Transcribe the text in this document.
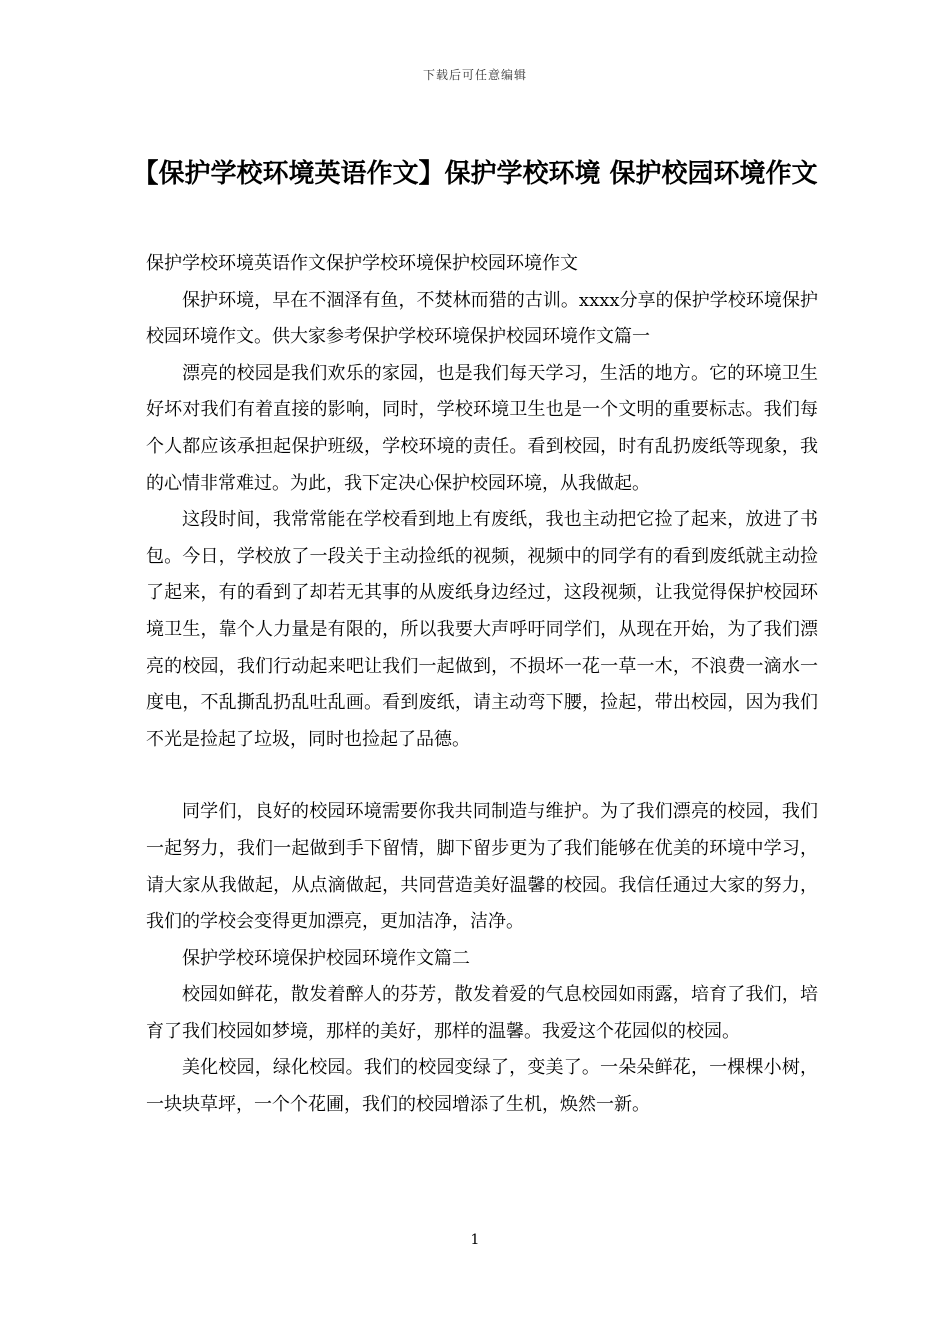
下载后可任意编辑
【保护学校环境英语作文】保护学校环境 保护校园环境作文

保护学校环境英语作文保护学校环境保护校园环境作文

保护环境，早在不涸泽有鱼，不焚林而猎的古训。xxxx分享的保护学校环境保护校园环境作文。供大家参考保护学校环境保护校园环境作文篇一

漂亮的校园是我们欢乐的家园，也是我们每天学习，生活的地方。它的环境卫生好坏对我们有着直接的影响，同时，学校环境卫生也是一个文明的重要标志。我们每个人都应该承担起保护班级，学校环境的责任。看到校园，时有乱扔废纸等现象，我的心情非常难过。为此，我下定决心保护校园环境，从我做起。

这段时间，我常常能在学校看到地上有废纸，我也主动把它捡了起来，放进了书包。今日，学校放了一段关于主动捡纸的视频，视频中的同学有的看到废纸就主动捡了起来，有的看到了却若无其事的从废纸身边经过，这段视频，让我觉得保护校园环境卫生，靠个人力量是有限的，所以我要大声呼吁同学们，从现在开始，为了我们漂亮的校园，我们行动起来吧让我们一起做到，不损坏一花一草一木，不浪费一滴水一度电，不乱撕乱扔乱吐乱画。看到废纸，请主动弯下腰，捡起，带出校园，因为我们不光是捡起了垃圾，同时也捡起了品德。

同学们，良好的校园环境需要你我共同制造与维护。为了我们漂亮的校园，我们一起努力，我们一起做到手下留情，脚下留步更为了我们能够在优美的环境中学习，请大家从我做起，从点滴做起，共同营造美好温馨的校园。我信任通过大家的努力，我们的学校会变得更加漂亮，更加洁净，洁净。

保护学校环境保护校园环境作文篇二

校园如鲜花，散发着醉人的芬芳，散发着爱的气息校园如雨露，培育了我们，培育了我们校园如梦境，那样的美好，那样的温馨。我爱这个花园似的校园。

美化校园，绿化校园。我们的校园变绿了，变美了。一朵朵鲜花，一棵棵小树，一块块草坪，一个个花圃，我们的校园增添了生机，焕然一新。

1
